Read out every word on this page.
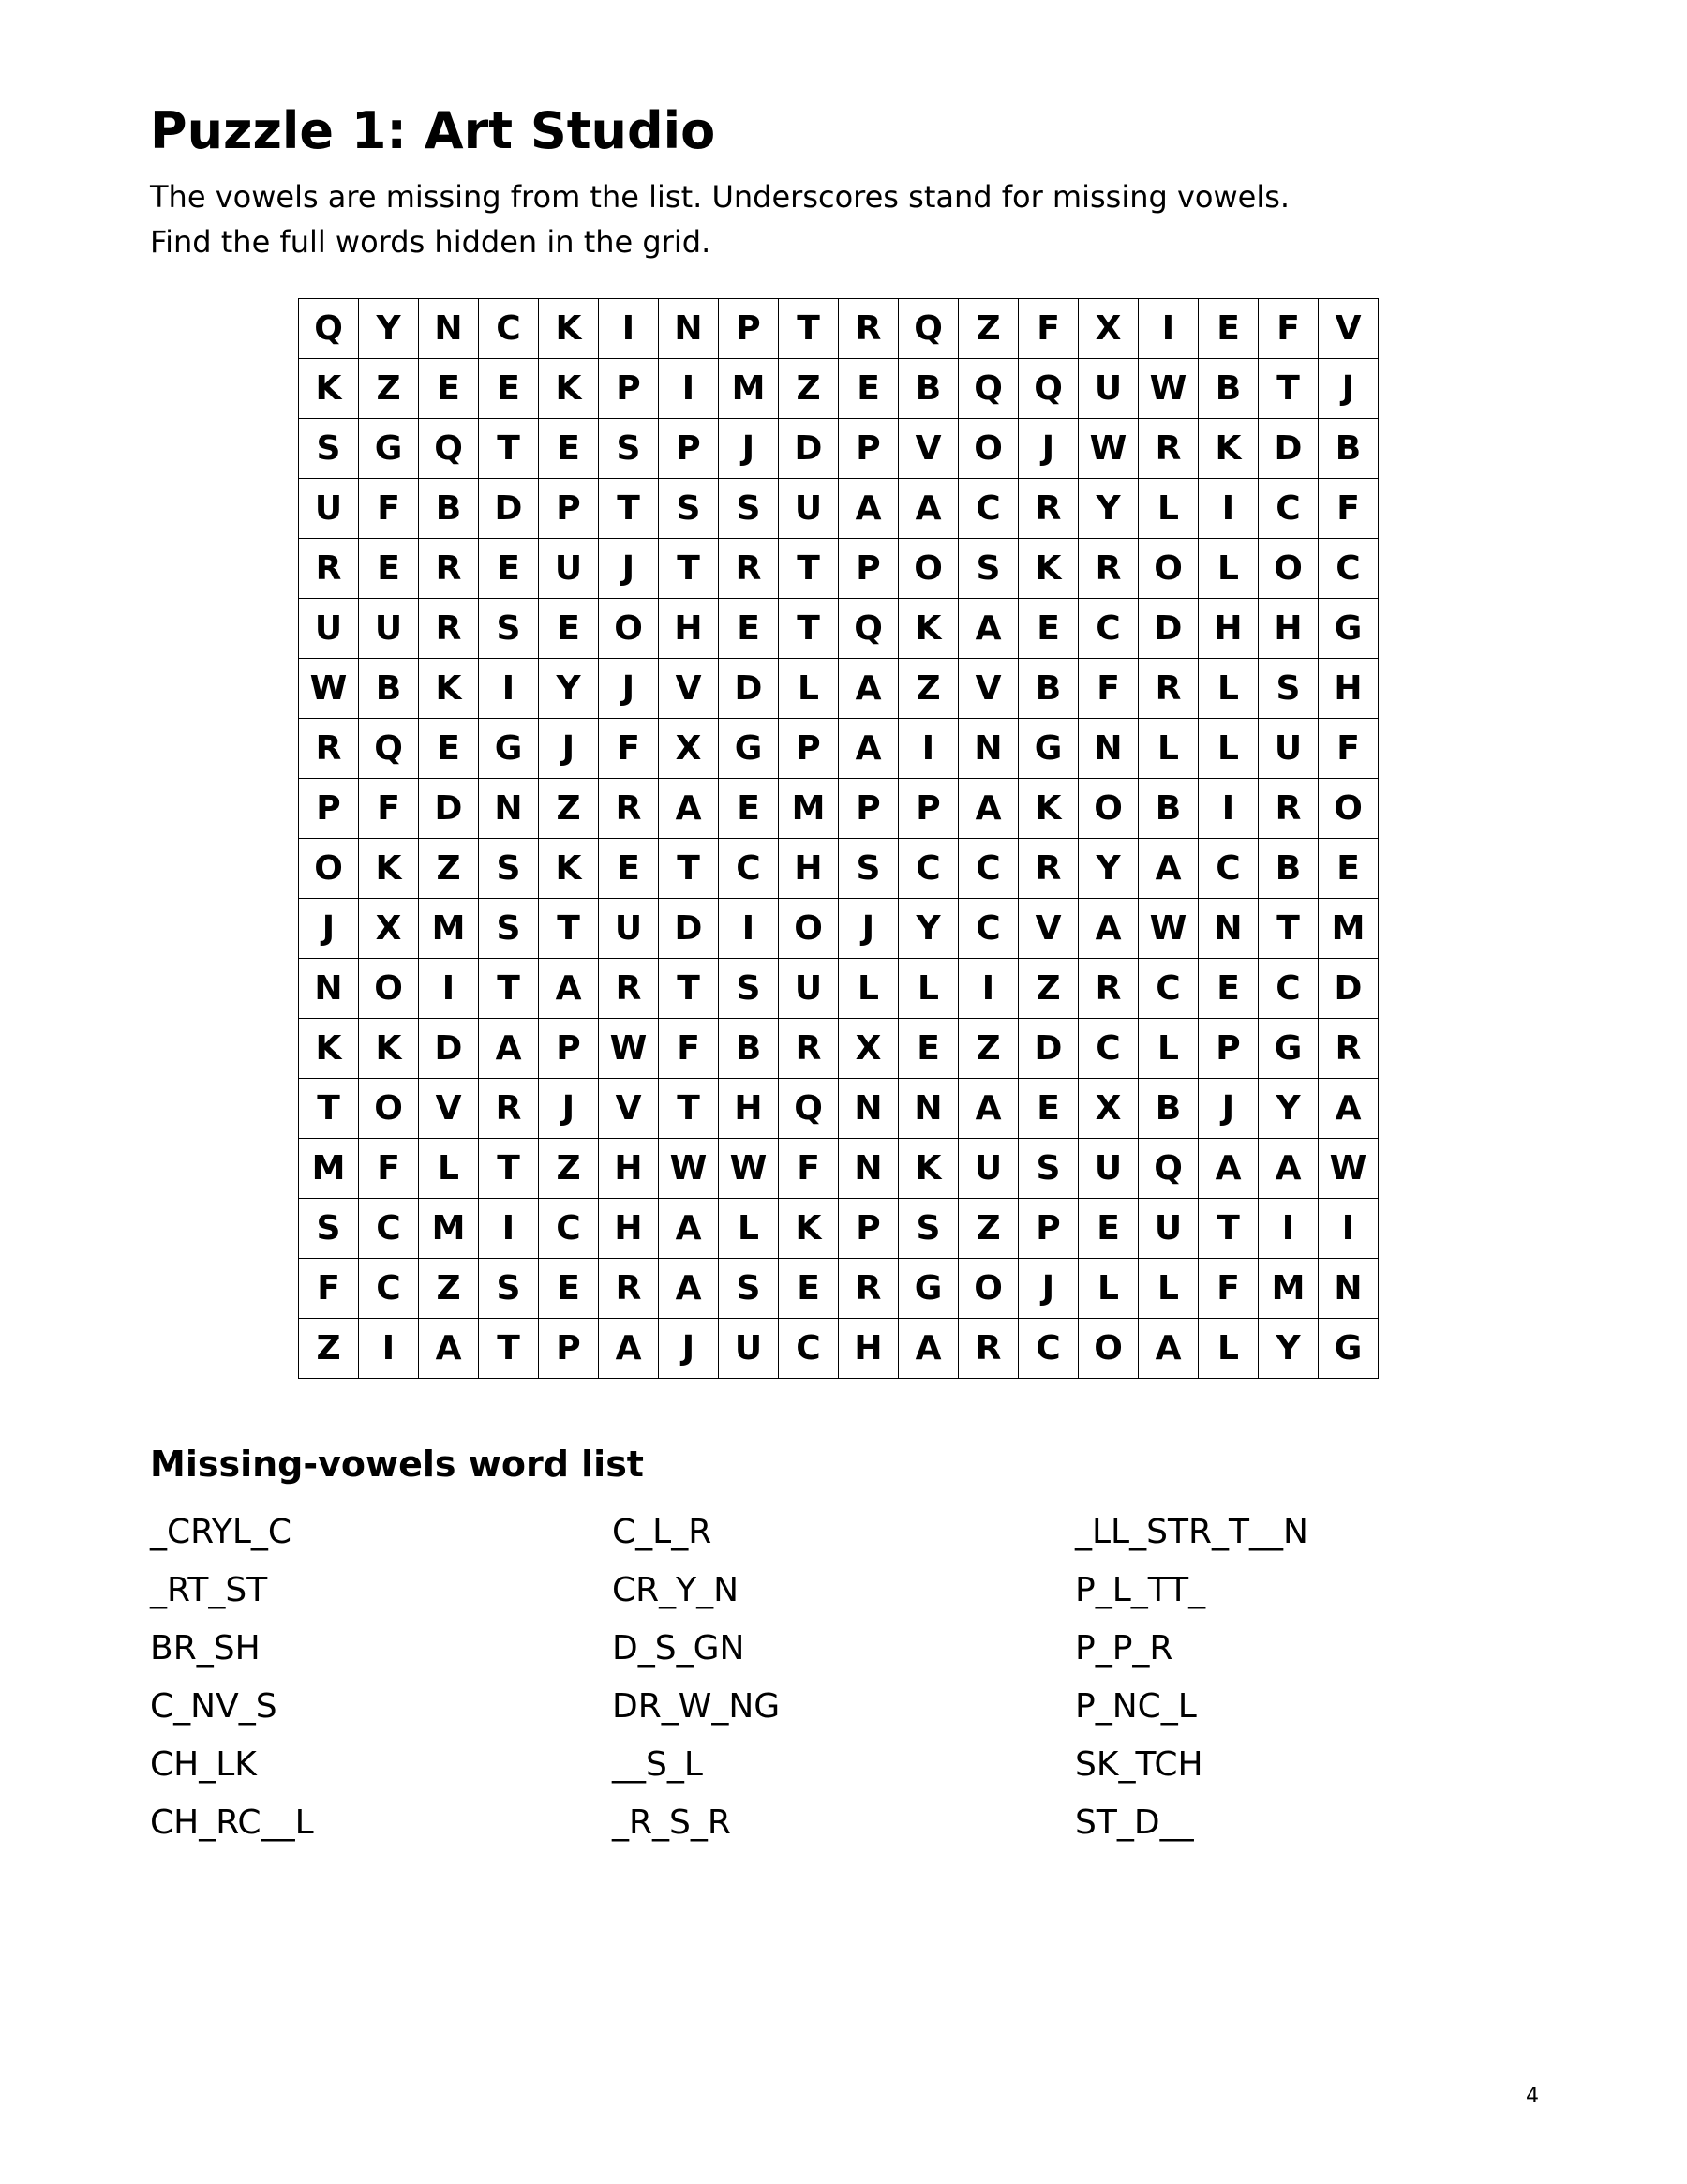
Puzzle 1: Art Studio
The vowels are missing from the list. Underscores stand for missing vowels.
Find the full words hidden in the grid.
Q	Y	N	C	K	I	N	P	T	R	Q	Z	F	X	I	E	F	V
K	Z	E	E	K	P	I	M	Z	E	B	Q	Q	U	W	B	T	J
S	G	Q	T	E	S	P	J	D	P	V	O	J	W	R	K	D	B
U	F	B	D	P	T	S	S	U	A	A	C	R	Y	L	I	C	F
R	E	R	E	U	J	T	R	T	P	O	S	K	R	O	L	O	C
U	U	R	S	E	O	H	E	T	Q	K	A	E	C	D	H	H	G
W	B	K	I	Y	J	V	D	L	A	Z	V	B	F	R	L	S	H
R	Q	E	G	J	F	X	G	P	A	I	N	G	N	L	L	U	F
P	F	D	N	Z	R	A	E	M	P	P	A	K	O	B	I	R	O
O	K	Z	S	K	E	T	C	H	S	C	C	R	Y	A	C	B	E
J	X	M	S	T	U	D	I	O	J	Y	C	V	A	W	N	T	M
N	O	I	T	A	R	T	S	U	L	L	I	Z	R	C	E	C	D
K	K	D	A	P	W	F	B	R	X	E	Z	D	C	L	P	G	R
T	O	V	R	J	V	T	H	Q	N	N	A	E	X	B	J	Y	A
M	F	L	T	Z	H	W	W	F	N	K	U	S	U	Q	A	A	W
S	C	M	I	C	H	A	L	K	P	S	Z	P	E	U	T	I	I
F	C	Z	S	E	R	A	S	E	R	G	O	J	L	L	F	M	N
Z	I	A	T	P	A	J	U	C	H	A	R	C	O	A	L	Y	G
Missing-vowels word list
_CRYL_C
_RT_ST
BR_SH
C_NV_S
CH_LK
CH_RC__L
C_L_R
CR_Y_N
D_S_GN
DR_W_NG
__S_L
_R_S_R
_LL_STR_T__N
P_L_TT_
P_P_R
P_NC_L
SK_TCH
ST_D__
4
